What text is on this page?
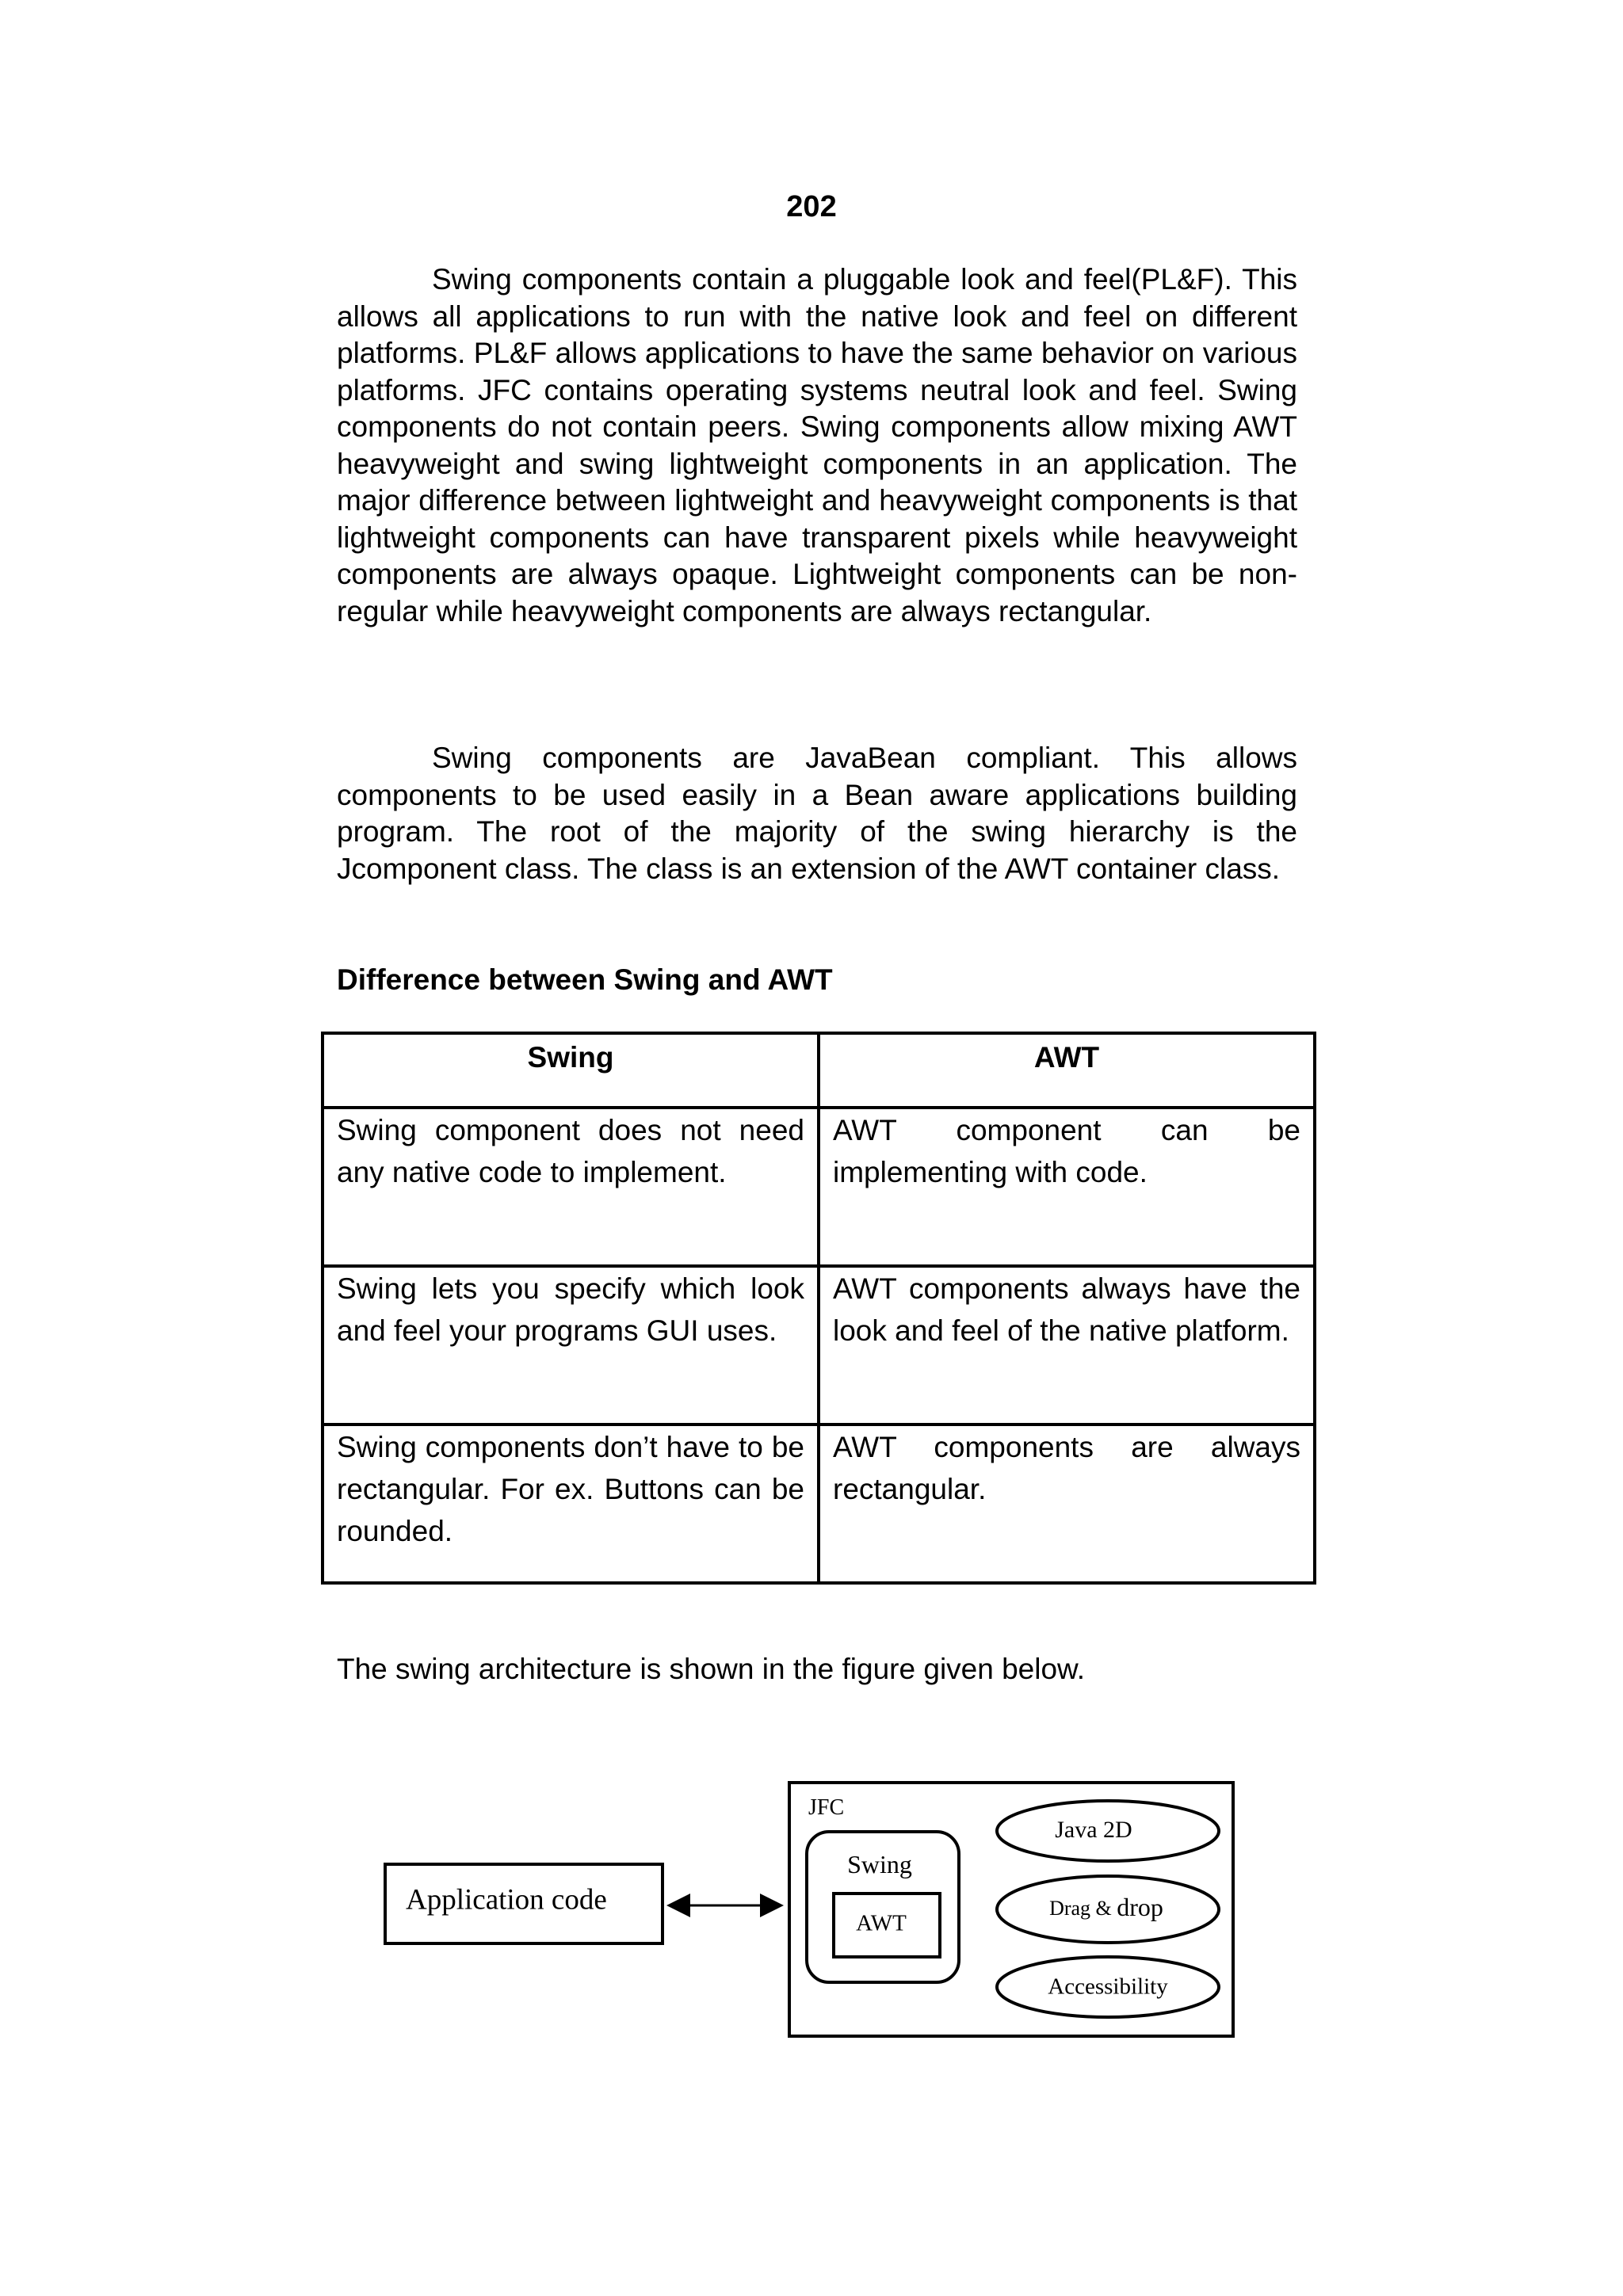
202

Swing components contain a pluggable look and feel(PL&F). This allows all applications to run with the native look and feel on different platforms. PL&F allows applications to have the same behavior on various platforms. JFC contains operating systems neutral look and feel. Swing components do not contain peers. Swing components allow mixing AWT heavyweight and swing lightweight components in an application. The major difference between lightweight and heavyweight components is that lightweight components can have transparent pixels while heavyweight components are always opaque. Lightweight components can be non-regular while heavyweight components are always rectangular.

Swing components are JavaBean compliant. This allows components to be used easily in a Bean aware applications building program. The root of the majority of the swing hierarchy is the Jcomponent class. The class is an extension of the AWT container class.

Difference between Swing and AWT
Swing	AWT
Swing component does not need any native code to implement.	AWT component can be implementing with code.
Swing lets you specify which look and feel your programs GUI uses.	AWT components always have the look and feel of the native platform.
Swing components don’t have to be rectangular. For ex. Buttons can be rounded.	AWT components are always rectangular.

The swing architecture is shown in the figure given below.

Application code
JFC
Swing
AWT
Java 2D
Drag & drop
Accessibility
